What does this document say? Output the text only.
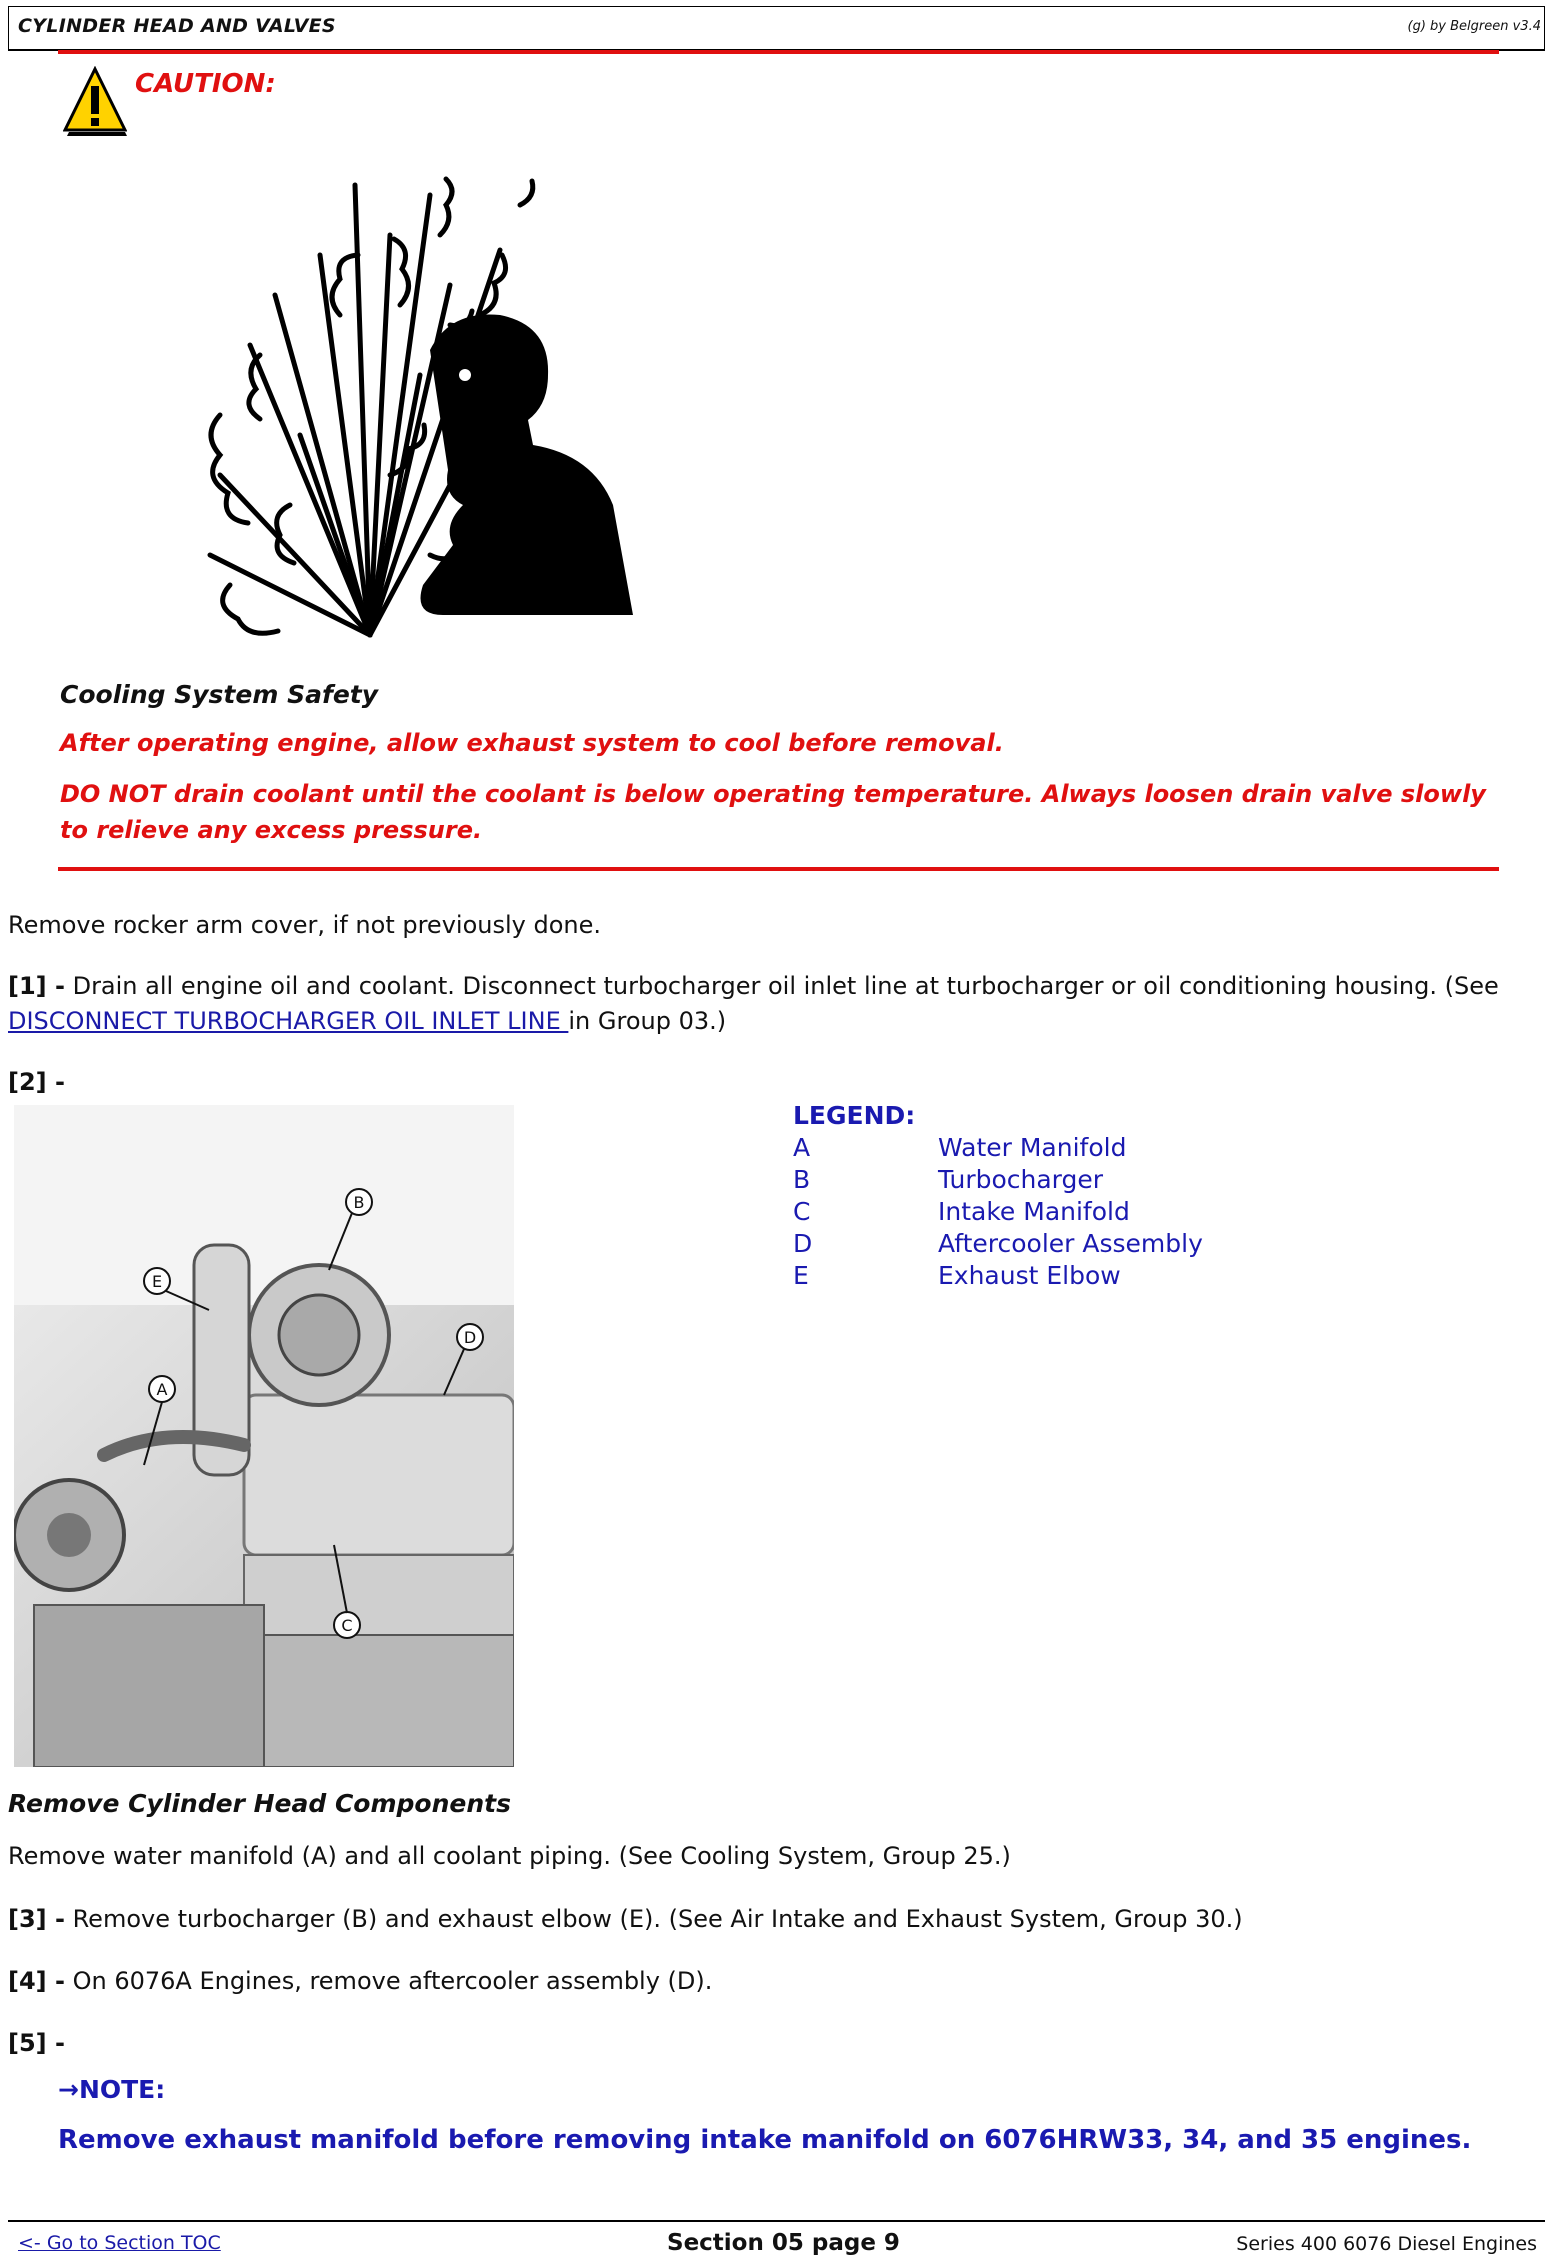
CYLINDER HEAD AND VALVES	(g) by Belgreen v3.4
CAUTION:
Cooling System Safety
After operating engine, allow exhaust system to cool before removal.
DO NOT drain coolant until the coolant is below operating temperature. Always loosen drain valve slowly to relieve any excess pressure.
Remove rocker arm cover, if not previously done.
[1] - Drain all engine oil and coolant. Disconnect turbocharger oil inlet line at turbocharger or oil conditioning housing. (See
DISCONNECT TURBOCHARGER OIL INLET LINE in Group 03.)
[2] -
B
E
D
A
C
LEGEND:
A	Water Manifold
B	Turbocharger
C	Intake Manifold
D	Aftercooler Assembly
E	Exhaust Elbow
Remove Cylinder Head Components
Remove water manifold (A) and all coolant piping. (See Cooling System, Group 25.)
[3] - Remove turbocharger (B) and exhaust elbow (E). (See Air Intake and Exhaust System, Group 30.)
[4] - On 6076A Engines, remove aftercooler assembly (D).
[5] -
→NOTE:
Remove exhaust manifold before removing intake manifold on 6076HRW33, 34, and 35 engines.
<- Go to Section TOC	Section 05 page 9	Series 400 6076 Diesel Engines
